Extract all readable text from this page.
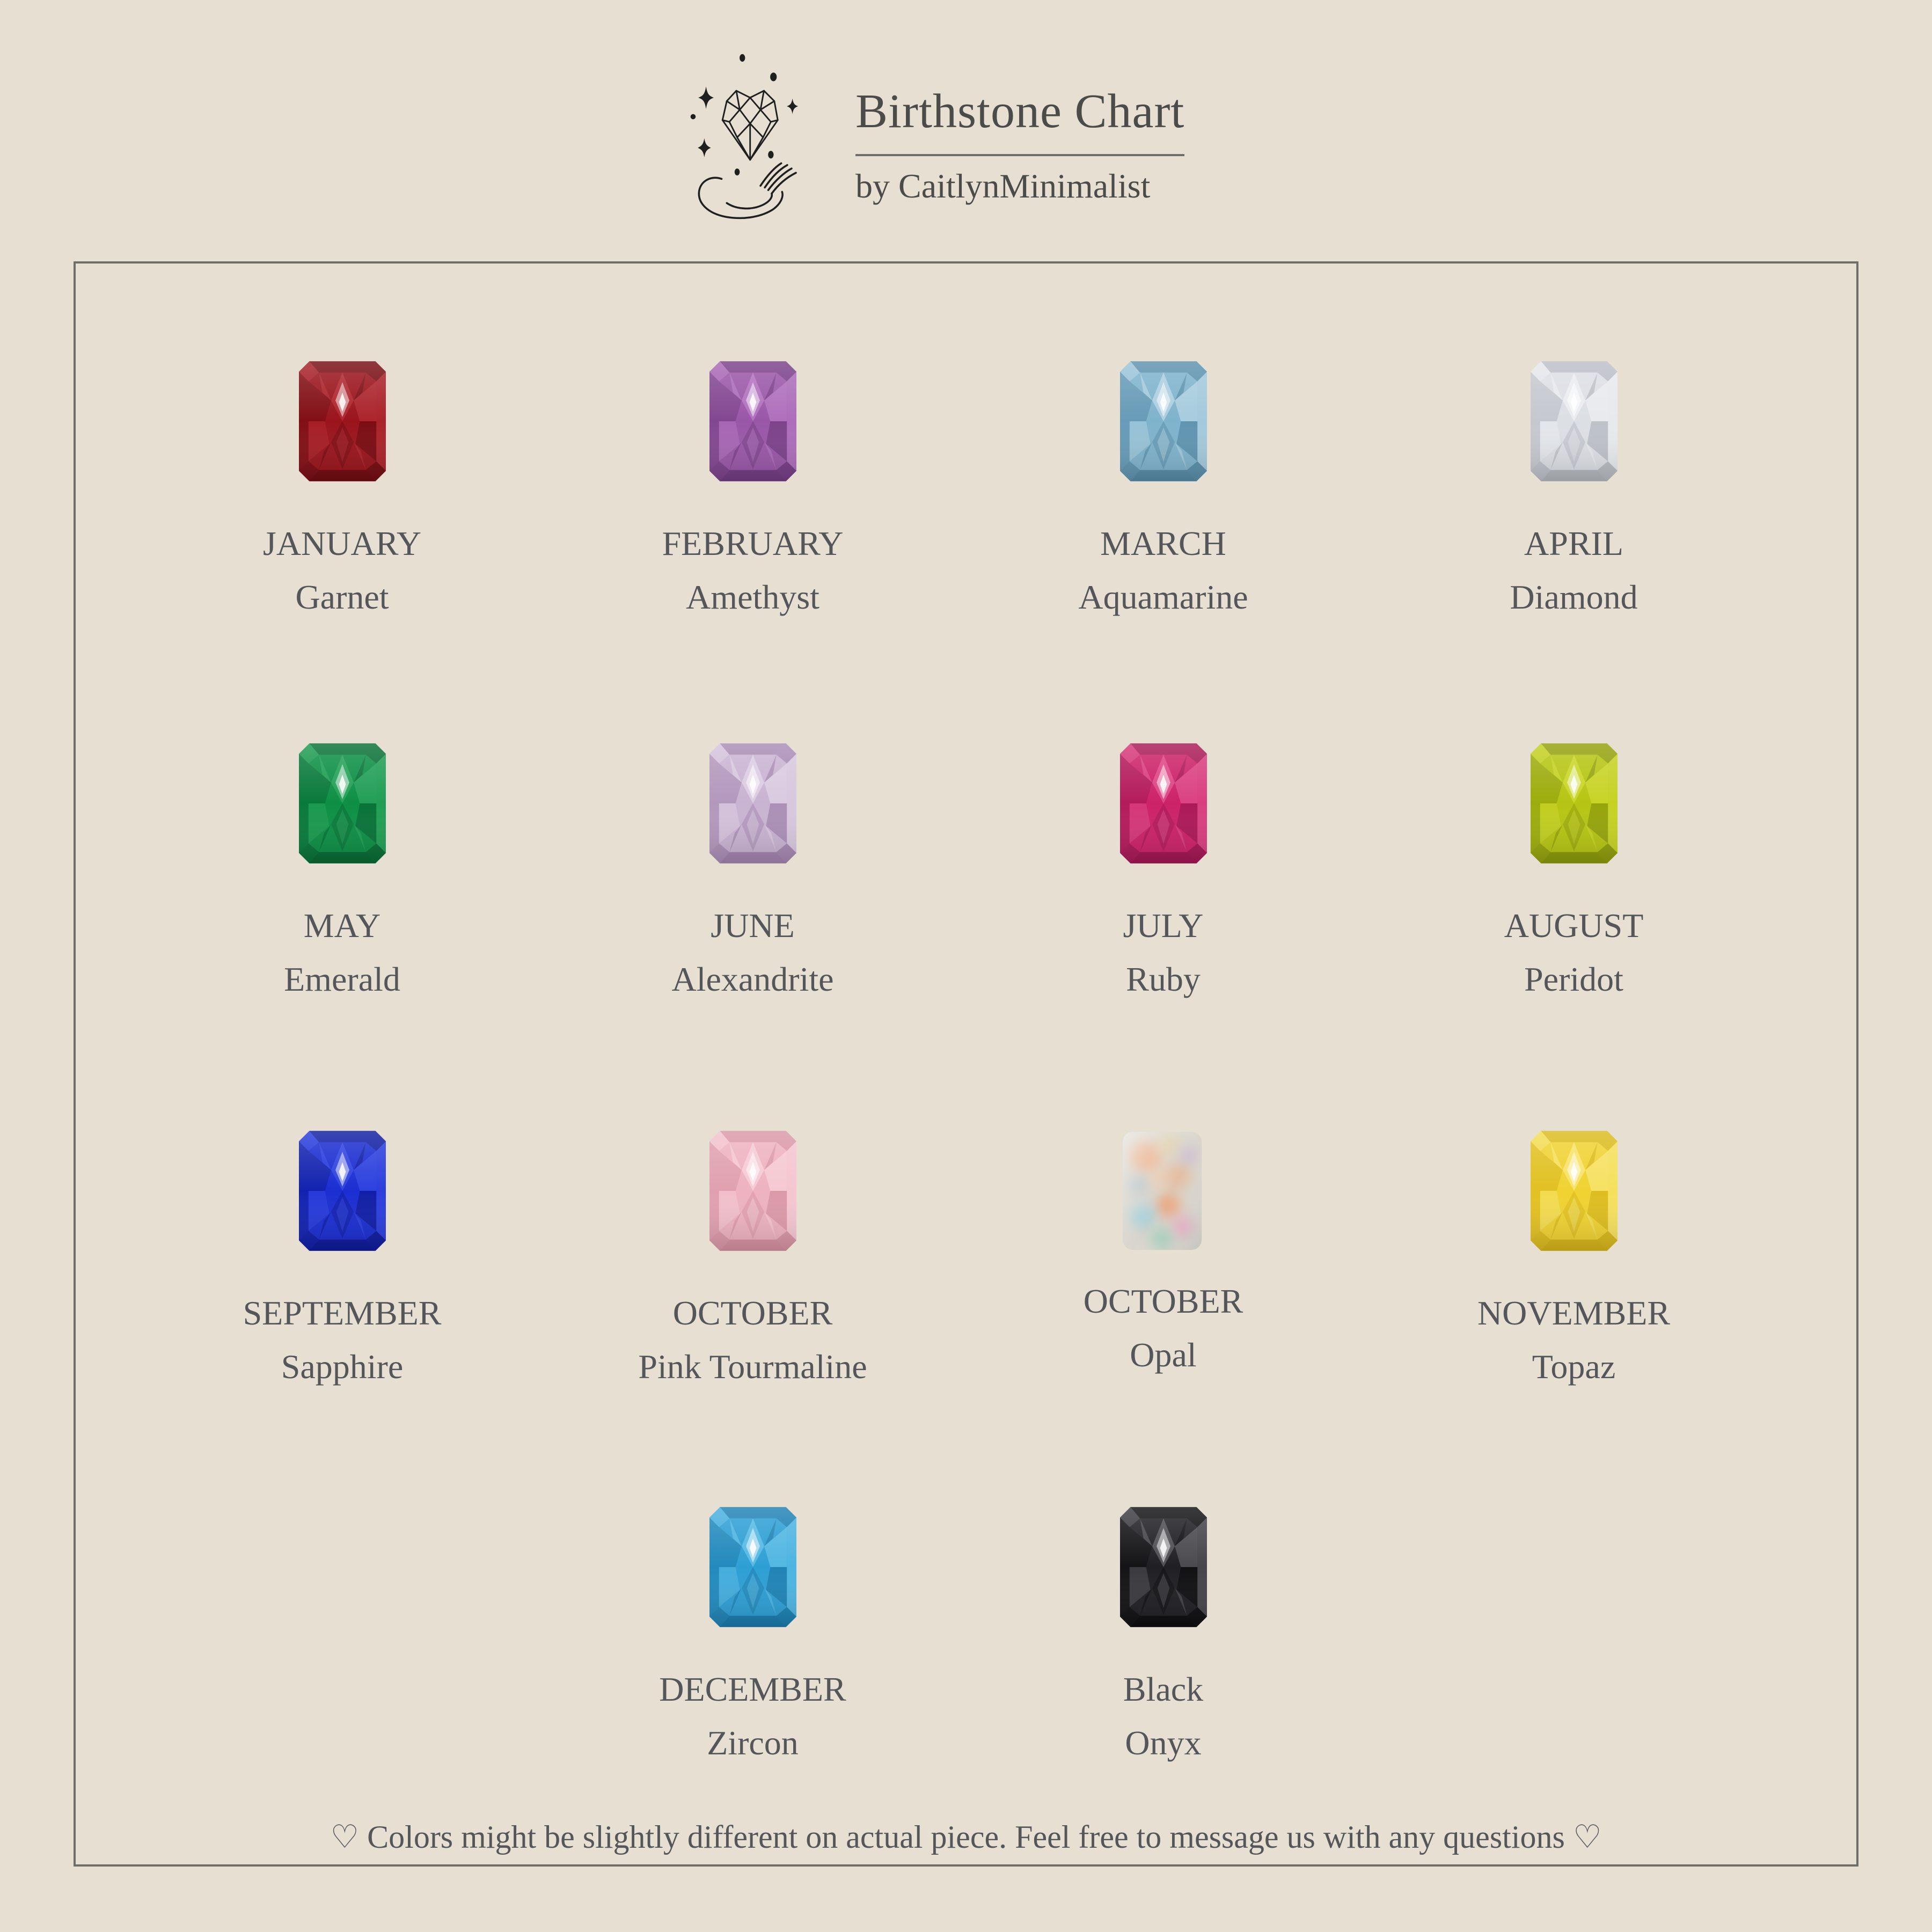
Birthstone Chart
by CaitlynMinimalist
JANUARY
Garnet
FEBRUARY
Amethyst
MARCH
Aquamarine
APRIL
Diamond
MAY
Emerald
JUNE
Alexandrite
JULY
Ruby
AUGUST
Peridot
SEPTEMBER
Sapphire
OCTOBER
Pink Tourmaline
OCTOBER
Opal
NOVEMBER
Topaz
DECEMBER
Zircon
Black
Onyx
♡ Colors might be slightly different on actual piece. Feel free to message us with any questions ♡
